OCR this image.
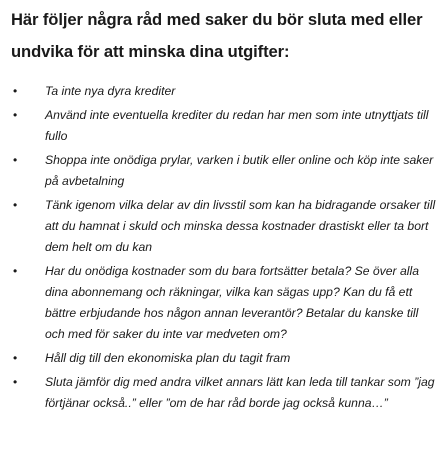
Här följer några råd med saker du bör sluta med eller undvika för att minska dina utgifter:
• Ta inte nya dyra krediter
• Använd inte eventuella krediter du redan har men som inte utnyttjats till fullo
• Shoppa inte onödiga prylar, varken i butik eller online och köp inte saker på avbetalning
• Tänk igenom vilka delar av din livsstil som kan ha bidragande orsaker till att du hamnat i skuld och minska dessa kostnader drastiskt eller ta bort dem helt om du kan
• Har du onödiga kostnader som du bara fortsätter betala? Se över alla dina abonnemang och räkningar, vilka kan sägas upp? Kan du få ett bättre erbjudande hos någon annan leverantör? Betalar du kanske till och med för saker du inte var medveten om?
• Håll dig till den ekonomiska plan du tagit fram
• Sluta jämför dig med andra vilket annars lätt kan leda till tankar som ”jag förtjänar också..” eller ”om de har råd borde jag också kunna…”
